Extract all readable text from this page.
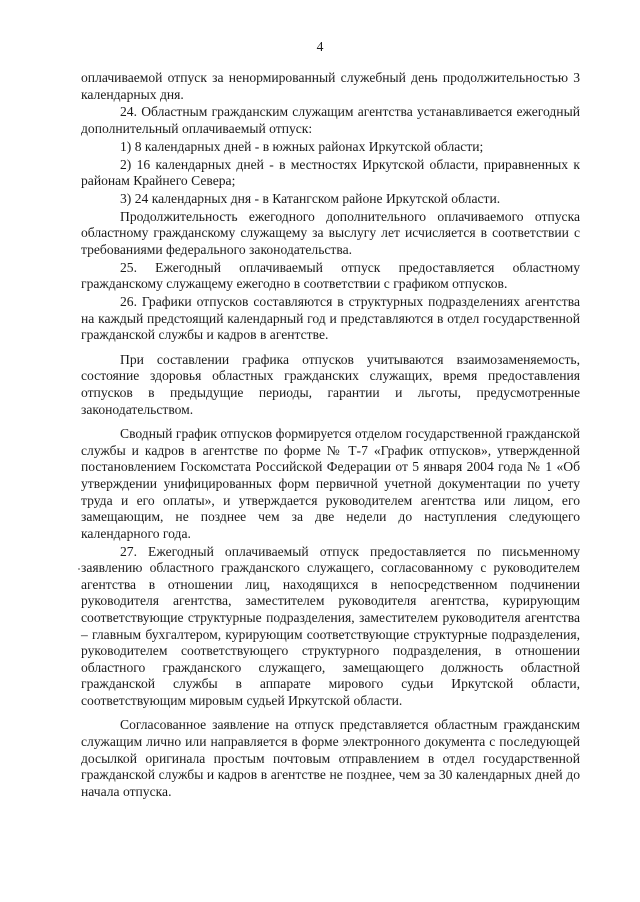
4

оплачиваемой отпуск за ненормированный служебный день продолжительностью 3 календарных дня.

24. Областным гражданским служащим агентства устанавливается ежегодный дополнительный оплачиваемый отпуск:

1) 8 календарных дней - в южных районах Иркутской области;

2) 16 календарных дней - в местностях Иркутской области, приравненных к районам Крайнего Севера;

3) 24 календарных дня - в Катангском районе Иркутской области.

Продолжительность ежегодного дополнительного оплачиваемого отпуска областному гражданскому служащему за выслугу лет исчисляется в соответствии с требованиями федерального законодательства.

25. Ежегодный оплачиваемый отпуск предоставляется областному гражданскому служащему ежегодно в соответствии с графиком отпусков.

26. Графики отпусков составляются в структурных подразделениях агентства на каждый предстоящий календарный год и представляются в отдел государственной гражданской службы и кадров в агентстве.

При составлении графика отпусков учитываются взаимозаменяемость, состояние здоровья областных гражданских служащих, время предоставления отпусков в предыдущие периоды, гарантии и льготы, предусмотренные законодательством.

Сводный график отпусков формируется отделом государственной гражданской службы и кадров в агентстве по форме № Т-7 «График отпусков», утвержденной постановлением Госкомстата Российской Федерации от 5 января 2004 года № 1 «Об утверждении унифицированных форм первичной учетной документации по учету труда и его оплаты», и утверждается руководителем агентства или лицом, его замещающим, не позднее чем за две недели до наступления следующего календарного года.

27. Ежегодный оплачиваемый отпуск предоставляется по письменному заявлению областного гражданского служащего, согласованному с руководителем агентства в отношении лиц, находящихся в непосредственном подчинении руководителя агентства, заместителем руководителя агентства, курирующим соответствующие структурные подразделения, заместителем руководителя агентства – главным бухгалтером, курирующим соответствующие структурные подразделения, руководителем соответствующего структурного подразделения, в отношении областного гражданского служащего, замещающего должность областной гражданской службы в аппарате мирового судьи Иркутской области, соответствующим мировым судьей Иркутской области.

Согласованное заявление на отпуск представляется областным гражданским служащим лично или направляется в форме электронного документа с последующей досылкой оригинала простым почтовым отправлением в отдел государственной гражданской службы и кадров в агентстве не позднее, чем за 30 календарных дней до начала отпуска.
